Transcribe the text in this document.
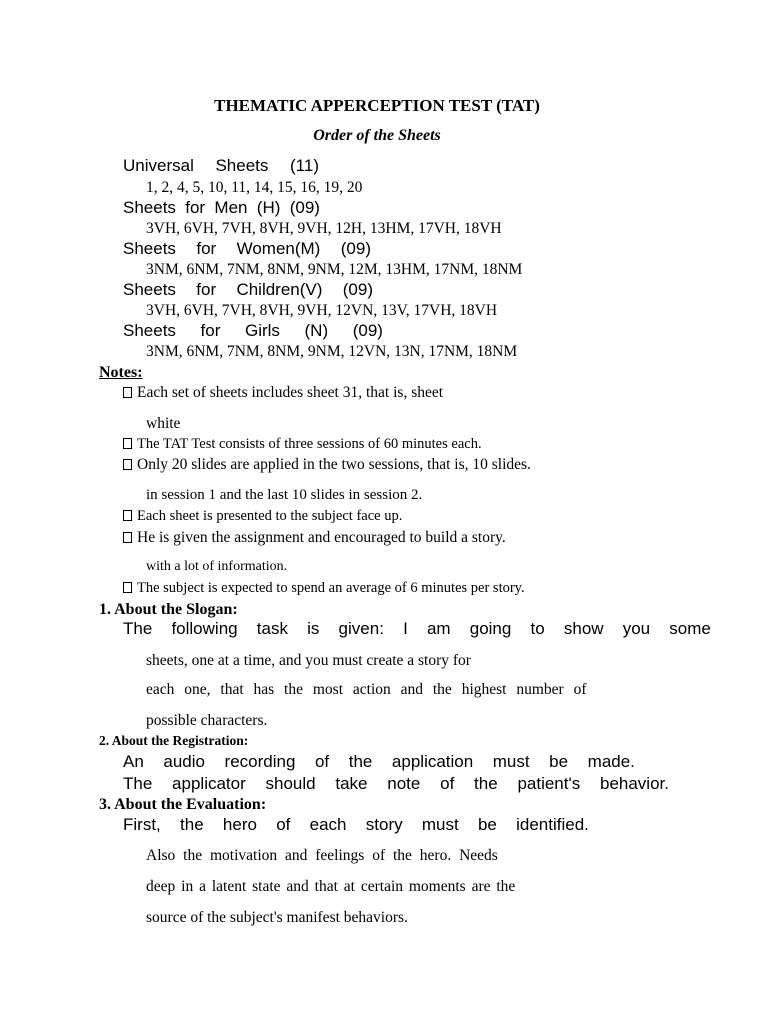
THEMATIC APPERCEPTION TEST (TAT)
Order of the Sheets
Universal Sheets (11)
1, 2, 4, 5, 10, 11, 14, 15, 16, 19, 20
Sheets for Men (H) (09)
3VH, 6VH, 7VH, 8VH, 9VH, 12H, 13HM, 17VH, 18VH
Sheets for Women(M) (09)
3NM, 6NM, 7NM, 8NM, 9NM, 12M, 13HM, 17NM, 18NM
Sheets for Children(V) (09)
3VH, 6VH, 7VH, 8VH, 9VH, 12VN, 13V, 17VH, 18VH
Sheets for Girls (N) (09)
3NM, 6NM, 7NM, 8NM, 9NM, 12VN, 13N, 17NM, 18NM
Notes:
Each set of sheets includes sheet 31, that is, sheet
white
The TAT Test consists of three sessions of 60 minutes each.
Only 20 slides are applied in the two sessions, that is, 10 slides.
in session 1 and the last 10 slides in session 2.
Each sheet is presented to the subject face up.
He is given the assignment and encouraged to build a story.
with a lot of information.
The subject is expected to spend an average of 6 minutes per story.
1. About the Slogan:
The following task is given: I am going to show you some
sheets, one at a time, and you must create a story for
each one, that has the most action and the highest number of
possible characters.
2. About the Registration:
An audio recording of the application must be made.
The applicator should take note of the patient's behavior.
3. About the Evaluation:
First, the hero of each story must be identified.
Also the motivation and feelings of the hero. Needs
deep in a latent state and that at certain moments are the
source of the subject's manifest behaviors.
